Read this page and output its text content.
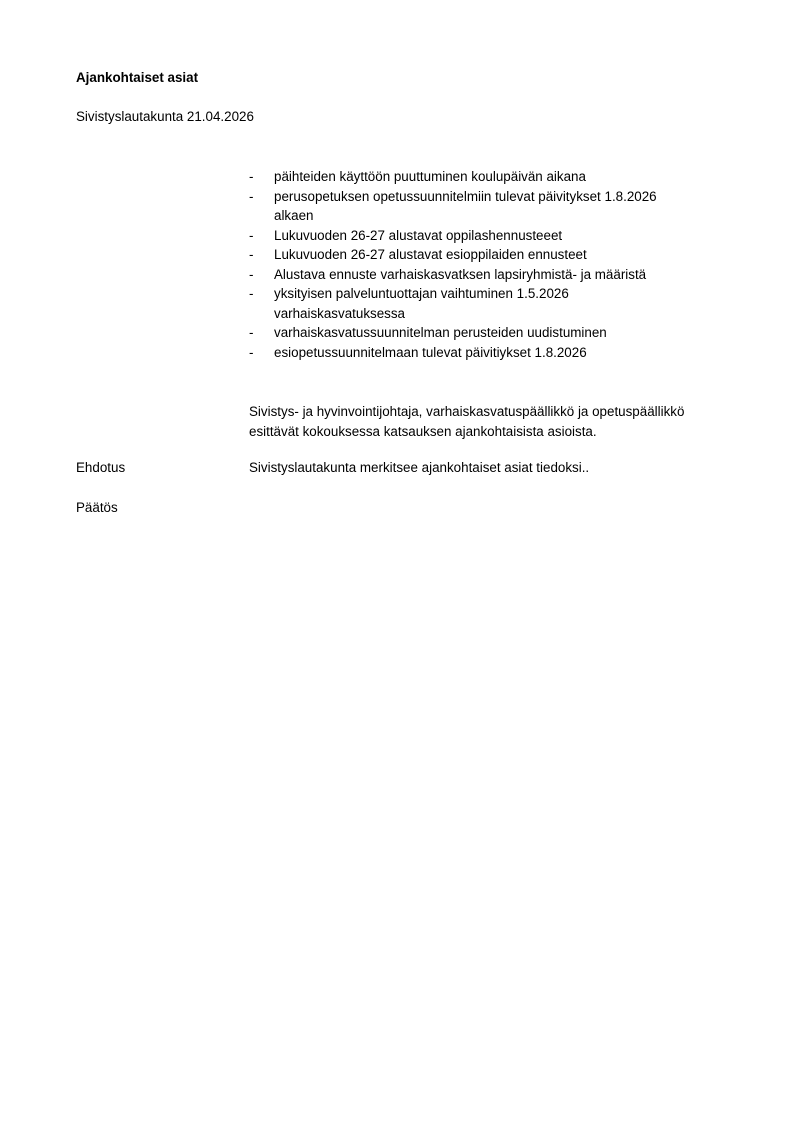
Ajankohtaiset asiat
Sivistyslautakunta 21.04.2026
- päihteiden käyttöön puuttuminen koulupäivän aikana
- perusopetuksen opetussuunnitelmiin tulevat päivitykset 1.8.2026
alkaen
- Lukuvuoden 26-27 alustavat oppilashennusteeet
- Lukuvuoden 26-27 alustavat esioppilaiden ennusteet
- Alustava ennuste varhaiskasvatksen lapsiryhmistä- ja määristä
- yksityisen palveluntuottajan vaihtuminen 1.5.2026
varhaiskasvatuksessa
- varhaiskasvatussuunnitelman perusteiden uudistuminen
- esiopetussuunnitelmaan tulevat päivitiykset 1.8.2026
Sivistys- ja hyvinvointijohtaja, varhaiskasvatuspäällikkö ja opetuspäällikkö
esittävät kokouksessa katsauksen ajankohtaisista asioista.
Ehdotus	Sivistyslautakunta merkitsee ajankohtaiset asiat tiedoksi..
Päätös
